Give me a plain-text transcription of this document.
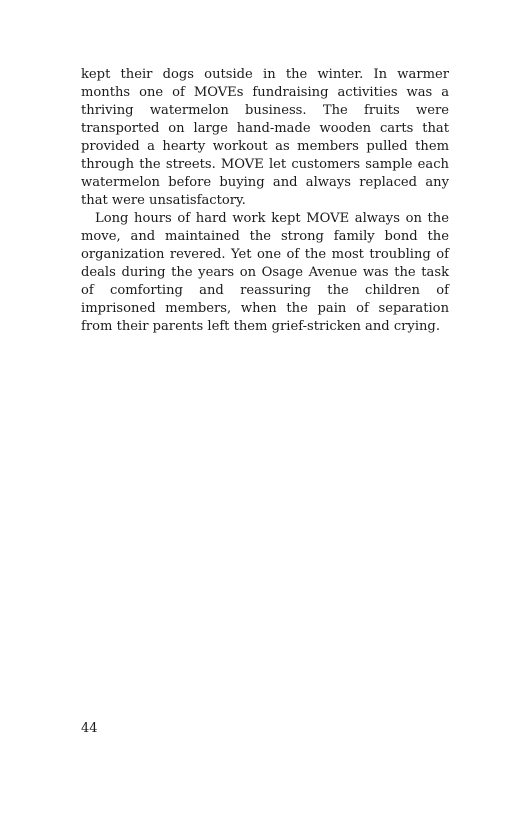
kept their dogs outside in the winter. In warmer months one of MOVEs fundraising activities was a thriving watermelon business. The fruits were transported on large hand-made wooden carts that provided a hearty workout as members pulled them through the streets. MOVE let customers sample each watermelon before buying and always replaced any that were unsatisfactory.

Long hours of hard work kept MOVE always on the move, and maintained the strong family bond the organization revered. Yet one of the most troubling of deals during the years on Osage Avenue was the task of comforting and reassuring the children of imprisoned members, when the pain of separation from their parents left them grief-stricken and crying.

44
